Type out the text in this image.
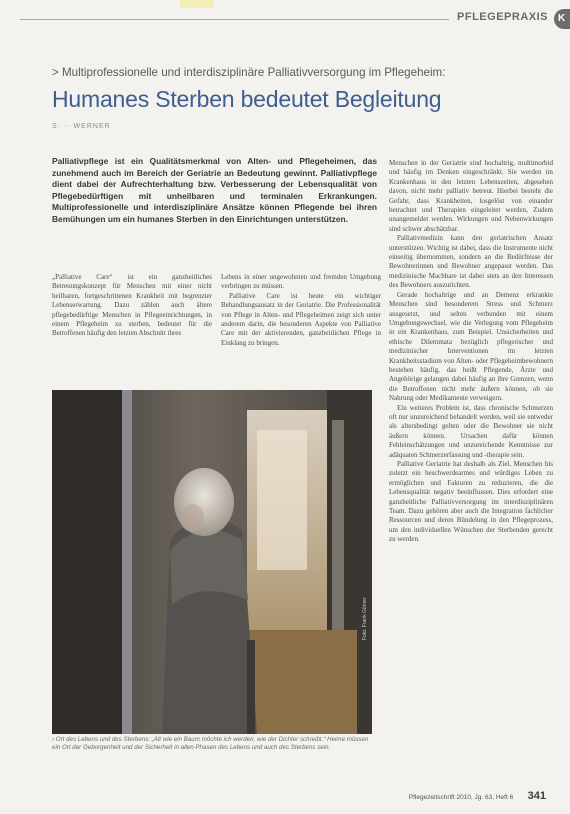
PFLEGEPRAXIS K
> Multiprofessionelle und interdisziplinäre Palliativversorgung im Pflegeheim:
Humanes Sterben bedeutet Begleitung
S· ·· WERNER
Palliativpflege ist ein Qualitätsmerkmal von Alten- und Pflegeheimen, das zunehmend auch im Bereich der Geriatrie an Bedeutung gewinnt. Palliativpflege dient dabei der Aufrechterhaltung bzw. Verbesserung der Lebensqualität von Pflegebedürftigen mit unheilbaren und terminalen Erkrankungen. Multiprofessionelle und interdisziplinäre Ansätze können Pflegende bei ihren Bemühungen um ein humanes Sterben in den Einrichtungen unterstützen.

„Palliative Care“ ist ein ganzheitliches Betreuungskonzept für Menschen mit einer nicht heilbaren, fortgeschrittenen Krankheit mit begrenzter Lebenserwartung. Dazu zählen auch ältere pflegebedürftige Menschen in Pflegeeinrichtungen, in einem Pflegeheim zu sterben, bedeutet für die Betroffenen häufig den letzten Abschnitt ihres

Lebens in einer ungewohnten und fremden Umgebung verbringen zu müssen.

Palliative Care ist heute ein wichtiger Behandlungsansatz in der Geriatrie. Die Professionalität von Pflege in Alten- und Pflegeheimen zeigt sich unter anderem darin, die besonderen Aspekte von Palliative Care mit der aktivierenden, ganzheitlichen Pflege in Einklang zu bringen.

Menschen in der Geriatrie sind hochaltrig, multimorbid und häufig im Denken eingeschränkt. Sie werden im Krankenhaus in den letzten Lebenszeiten, abgesehen davon, nicht mehr palliativ betreut. Hierbei besteht die Gefahr, dass Krankheiten, losgelöst von einander betrachtet und Therapien eingeleitet werden, Zudem unangemeldet werden. Wirkungen und Nebenwirkungen sind schwer abschätzbar.

Palliativmedizin kann den geriatrischen Ansatz unterstützen. Wichtig ist dabei, dass die Instrumente nicht einseitig übernommen, sondern an die Bedürfnisse der Bewohnerinnen und Bewohner angepasst werden. Das medizinische Machbare ist dabei stets an den Interessen des Bewohners auszurichten.

Gerade hochaltrige und an Demenz erkrankte Menschen sind besonderem Stress und Schmerz ausgesetzt, und selten verbunden mit einem Umgebungswechsel, wie die Verlegung vom Pflegeheim in ein Krankenhaus, zum Beispiel. Unsicherheiten und ethische Dilemmata bezüglich pflegerischer und medizinischer Interventionen im letzten Krankheitsstadium von Alten- oder Pflegeheimbewohnern bestehen häufig, das heißt Pflegende, Ärzte und Angehörige gelangen dabei häufig an ihre Grenzen, wenn die Betroffenen nicht mehr äußern können, ob sie Nahrung oder Medikamente verweigern.

Ein weiteres Problem ist, dass chronische Schmerzen oft nur unzureichend behandelt werden, weil sie entweder als altersbedingt gelten oder die Bewohner sie nicht äußern können. Ursachen dafür können Fehleinschätzungen und unzureichende Kenntnisse zur adäquaten Schmerzerfassung und -therapie sein.

Palliative Geriatrie hat deshalb als Ziel, Menschen bis zuletzt ein beschwerdearmes und würdiges Leben zu ermöglichen und Faktoren zu reduzieren, die die Lebensqualität negativ beeinflussen. Dies erfordert eine ganzheitliche Palliativversorgung im interdisziplinären Team. Dazu gehören aber auch die Integration fachlicher Ressourcen und deren Bündelung in den Pflegeprozess, um den individuellen Wünschen der Sterbenden gerecht zu werden.

Foto: Frank Görner
› Ort des Lebens und des Sterbens: „Alt wie ein Baum möchte ich werden, wie der Dichter schreibt.“ Heime müssen ein Ort der Geborgenheit und der Sicherheit in allen Phasen des Lebens und auch des Sterbens sein.
Pflegezeitschrift 2010, Jg. 63, Heft 6 341
